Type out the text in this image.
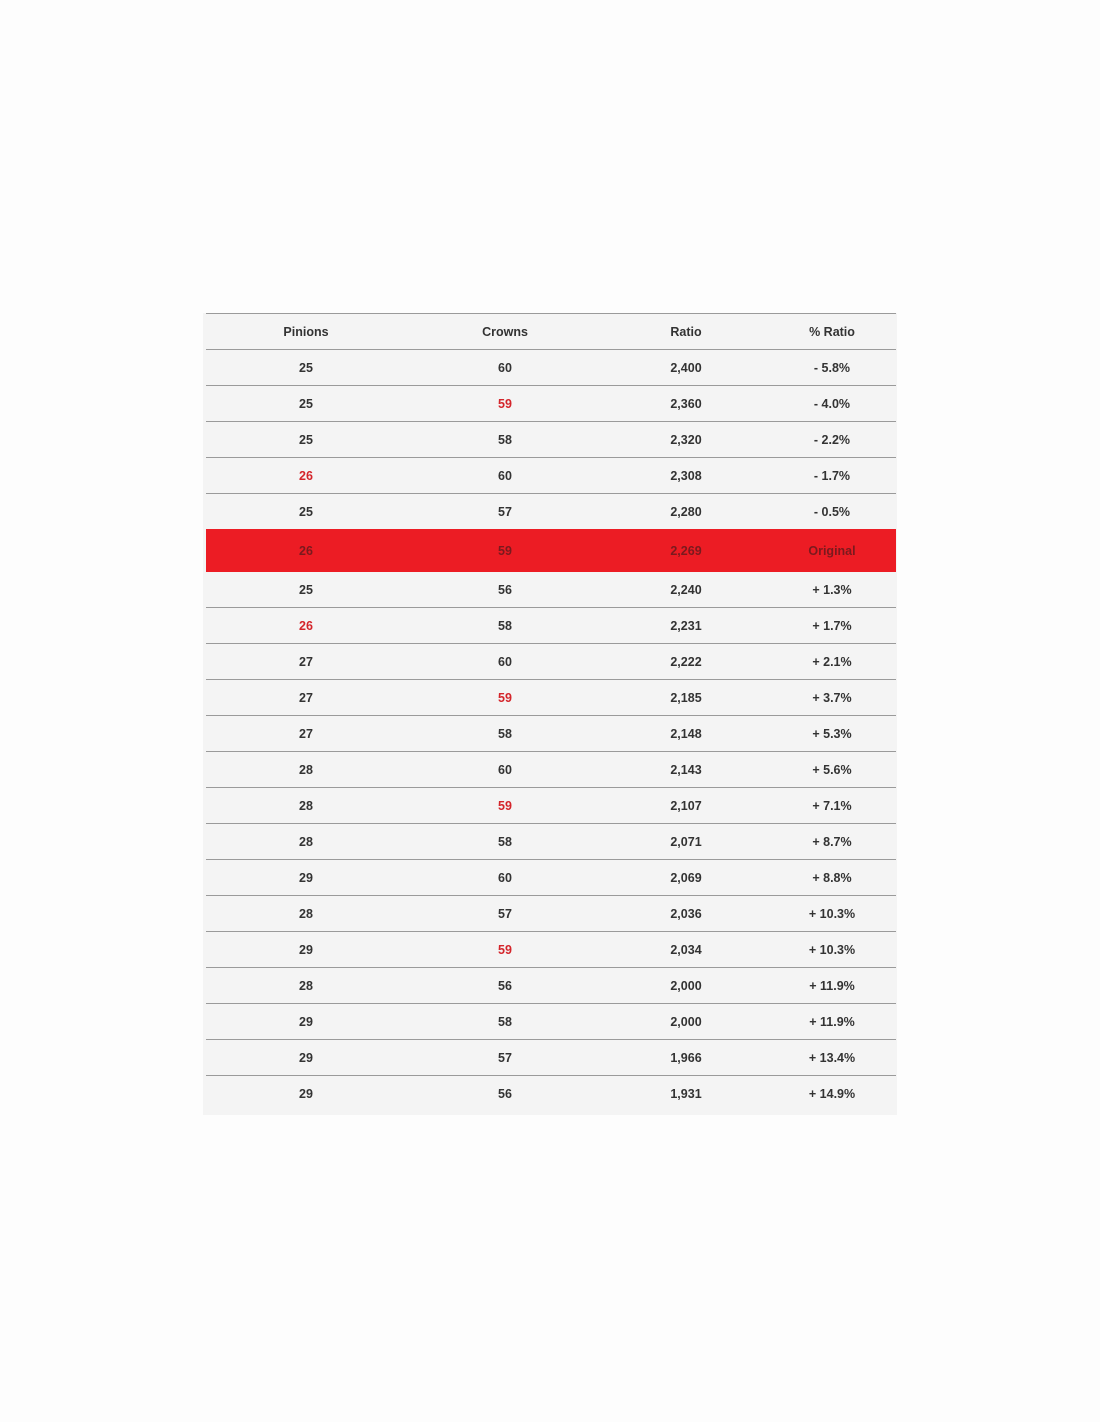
Pinions	Crowns	Ratio	% Ratio
25	60	2,400	- 5.8%
25	59	2,360	- 4.0%
25	58	2,320	- 2.2%
26	60	2,308	- 1.7%
25	57	2,280	- 0.5%
26	59	2,269	Original
25	56	2,240	+ 1.3%
26	58	2,231	+ 1.7%
27	60	2,222	+ 2.1%
27	59	2,185	+ 3.7%
27	58	2,148	+ 5.3%
28	60	2,143	+ 5.6%
28	59	2,107	+ 7.1%
28	58	2,071	+ 8.7%
29	60	2,069	+ 8.8%
28	57	2,036	+ 10.3%
29	59	2,034	+ 10.3%
28	56	2,000	+ 11.9%
29	58	2,000	+ 11.9%
29	57	1,966	+ 13.4%
29	56	1,931	+ 14.9%
